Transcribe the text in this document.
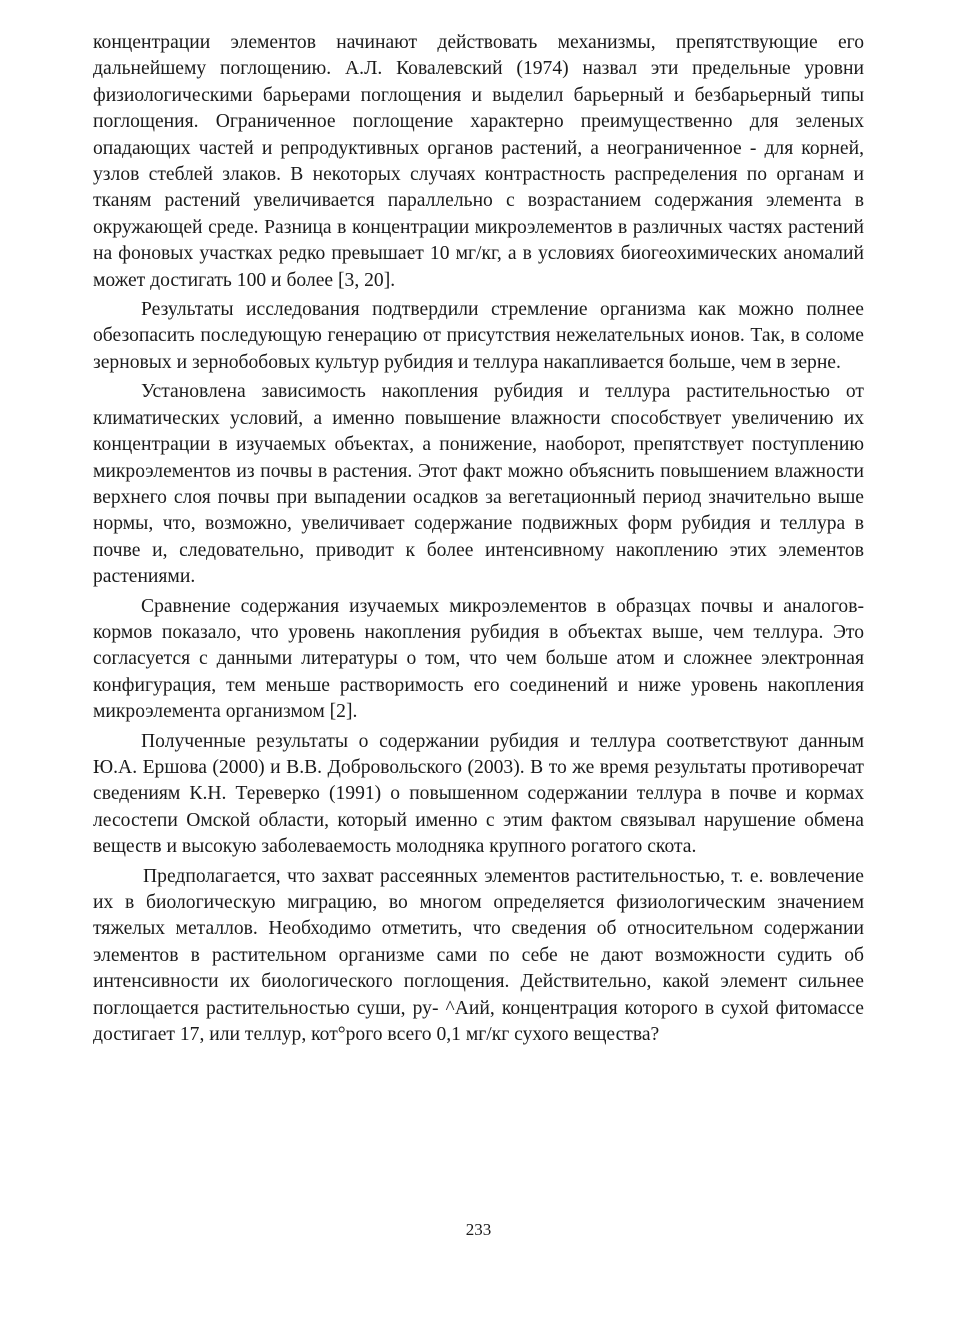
концентрации элементов начинают действовать механизмы, препятствующие его дальнейшему поглощению. А.Л. Ковалевский (1974) назвал эти предельные уровни физиологическими барьерами поглощения и выделил барьерный и безбарьерный типы поглощения. Ограниченное поглощение характерно преимущественно для зеленых опадающих частей и репродуктивных органов растений, а неограниченное - для корней, узлов стеблей злаков. В некоторых случаях контрастность распределения по органам и тканям растений увеличивается параллельно с возрастанием содержания элемента в окружающей среде. Разница в концентрации микроэлементов в различных частях растений на фоновых участках редко превышает 10 мг/кг, а в условиях биогеохимических аномалий может достигать 100 и более [3, 20].

Результаты исследования подтвердили стремление организма как можно полнее обезопасить последующую генерацию от присутствия нежелательных ионов. Так, в соломе зерновых и зернобобовых культур рубидия и теллура накапливается больше, чем в зерне.

Установлена зависимость накопления рубидия и теллура растительностью от климатических условий, а именно повышение влажности способствует увеличению их концентрации в изучаемых объектах, а понижение, наоборот, препятствует поступлению микроэлементов из почвы в растения. Этот факт можно объяснить повышением влажности верхнего слоя почвы при выпадении осадков за вегетационный период значительно выше нормы, что, возможно, увеличивает содержание подвижных форм рубидия и теллура в почве и, следовательно, приводит к более интенсивному накоплению этих элементов растениями.

Сравнение содержания изучаемых микроэлементов в образцах почвы и аналогов-кормов показало, что уровень накопления рубидия в объектах выше, чем теллура. Это согласуется с данными литературы о том, что чем больше атом и сложнее электронная конфигурация, тем меньше растворимость его соединений и ниже уровень накопления микроэлемента организмом [2].

Полученные результаты о содержании рубидия и теллура соответствуют данным Ю.А. Ершова (2000) и В.В. Добровольского (2003). В то же время результаты противоречат сведениям К.Н. Тереверко (1991) о повышенном содержании теллура в почве и кормах лесостепи Омской области, который именно с этим фактом связывал нарушение обмена веществ и высокую заболеваемость молодняка крупного рогатого скота.

Предполагается, что захват рассеянных элементов растительностью, т. е. вовлечение их в биологическую миграцию, во многом определяется физиологическим значением тяжелых металлов. Необходимо отметить, что сведения об относительном содержании элементов в растительном организме сами по себе не дают возможности судить об интенсивности их биологического поглощения. Действительно, какой элемент сильнее поглощается растительностью суши, ру- ^Аий, концентрация которого в сухой фитомассе достигает 17, или теллур, кот°рого всего 0,1 мг/кг сухого вещества?

233
